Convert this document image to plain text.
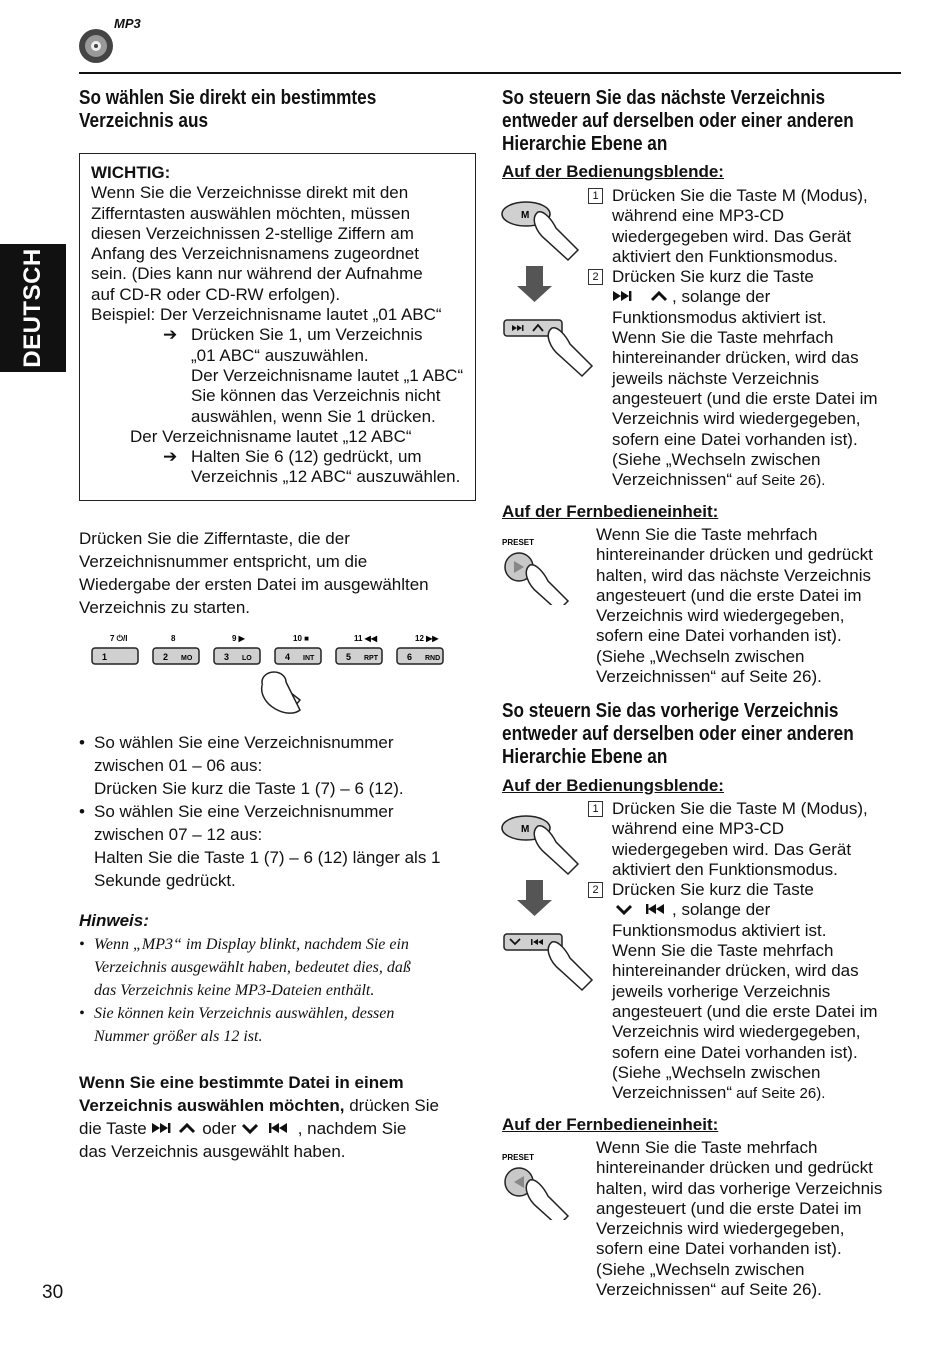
MP3
DEUTSCH
So wählen Sie direkt ein bestimmtes
Verzeichnis aus
WICHTIG:
Wenn Sie die Verzeichnisse direkt mit den
Zifferntasten auswählen möchten, müssen
diesen Verzeichnissen 2-stellige Ziffern am
Anfang des Verzeichnisnamens zugeordnet
sein. (Dies kann nur während der Aufnahme
auf CD-R oder CD-RW erfolgen).
Beispiel: Der Verzeichnisname lautet „01 ABC“
➔ Drücken Sie 1, um Verzeichnis
„01 ABC“ auszuwählen.
Der Verzeichnisname lautet „1 ABC“
Sie können das Verzeichnis nicht
auswählen, wenn Sie 1 drücken.
Der Verzeichnisname lautet „12 ABC“
➔ Halten Sie 6 (12) gedrückt, um
Verzeichnis „12 ABC“ auszuwählen.
Drücken Sie die Zifferntaste, die der
Verzeichnisnummer entspricht, um die
Wiedergabe der ersten Datei im ausgewählten
Verzeichnis zu starten.
7 ⏻/I
1
8
2 MO
9 ▶
3 LO
10 ■
4 INT
11 ◀◀
5 RPT
12 ▶▶
6 RND
• So wählen Sie eine Verzeichnisnummer
zwischen 01 – 06 aus:
Drücken Sie kurz die Taste 1 (7) – 6 (12).
• So wählen Sie eine Verzeichnisnummer
zwischen 07 – 12 aus:
Halten Sie die Taste 1 (7) – 6 (12) länger als 1
Sekunde gedrückt.
Hinweis:
• Wenn „MP3“ im Display blinkt, nachdem Sie ein
Verzeichnis ausgewählt haben, bedeutet dies, daß
das Verzeichnis keine MP3-Dateien enthält.
• Sie können kein Verzeichnis auswählen, dessen
Nummer größer als 12 ist.
Wenn Sie eine bestimmte Datei in einem
Verzeichnis auswählen möchten, drücken Sie
die Taste	oder	, nachdem Sie
das Verzeichnis ausgewählt haben.
30
So steuern Sie das nächste Verzeichnis
entweder auf derselben oder einer anderen
Hierarchie Ebene an
Auf der Bedienungsblende:
M
1 Drücken Sie die Taste M (Modus),
während eine MP3-CD
wiedergegeben wird. Das Gerät
aktiviert den Funktionsmodus.
2 Drücken Sie kurz die Taste
, solange der
Funktionsmodus aktiviert ist.
Wenn Sie die Taste mehrfach
hintereinander drücken, wird das
jeweils nächste Verzeichnis
angesteuert (und die erste Datei im
Verzeichnis wird wiedergegeben,
sofern eine Datei vorhanden ist).
(Siehe „Wechseln zwischen
Verzeichnissen“ auf Seite 26).
Auf der Fernbedieneinheit:
PRESET	Wenn Sie die Taste mehrfach
hintereinander drücken und gedrückt
halten, wird das nächste Verzeichnis
angesteuert (und die erste Datei im
Verzeichnis wird wiedergegeben,
sofern eine Datei vorhanden ist).
(Siehe „Wechseln zwischen
Verzeichnissen“ auf Seite 26).
So steuern Sie das vorherige Verzeichnis
entweder auf derselben oder einer anderen
Hierarchie Ebene an
Auf der Bedienungsblende:
M
1 Drücken Sie die Taste M (Modus),
während eine MP3-CD
wiedergegeben wird. Das Gerät
aktiviert den Funktionsmodus.
2 Drücken Sie kurz die Taste
, solange der
Funktionsmodus aktiviert ist.
Wenn Sie die Taste mehrfach
hintereinander drücken, wird das
jeweils vorherige Verzeichnis
angesteuert (und die erste Datei im
Verzeichnis wird wiedergegeben,
sofern eine Datei vorhanden ist).
(Siehe „Wechseln zwischen
Verzeichnissen“ auf Seite 26).
Auf der Fernbedieneinheit:
PRESET
Wenn Sie die Taste mehrfach
hintereinander drücken und gedrückt
halten, wird das vorherige Verzeichnis
angesteuert (und die erste Datei im
Verzeichnis wird wiedergegeben,
sofern eine Datei vorhanden ist).
(Siehe „Wechseln zwischen
Verzeichnissen“ auf Seite 26).
